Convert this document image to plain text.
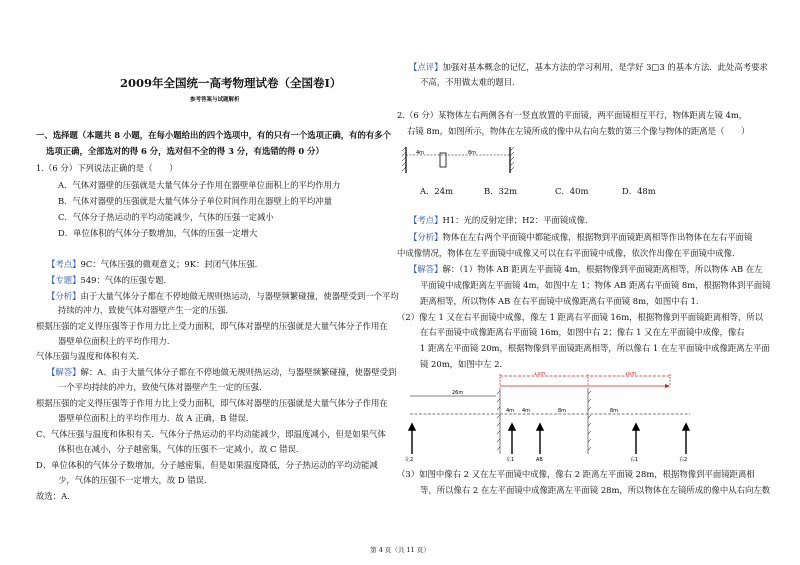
2009年全国统一高考物理试卷（全国卷Ⅰ）
参考答案与试题解析
一、选择题（本题共 8 小题，在每小题给出的四个选项中，有的只有一个选项正确，有的有多个
选项正确，全部选对的得 6 分，选对但不全的得 3 分，有选错的得 0 分）
1.（6 分）下列说法正确的是（　　）
A．气体对器壁的压强就是大量气体分子作用在器壁单位面积上的平均作用力
B．气体对器壁的压强就是大量气体分子单位时间作用在器壁上的平均冲量
C．气体分子热运动的平均动能减少，气体的压强一定减小
D．单位体积的气体分子数增加，气体的压强一定增大
【考点】9C：气体压强的微观意义；9K：封闭气体压强．
【专题】549：气体的压强专题．
【分析】由于大量气体分子都在不停地做无规则热运动，与器壁频繁碰撞，使器壁受到一个平均
持续的冲力，致使气体对器壁产生一定的压强．
根据压强的定义得压强等于作用力比上受力面积，即气体对器壁的压强就是大量气体分子作用在
器壁单位面积上的平均作用力．
气体压强与温度和体积有关．
【解答】解：A、由于大量气体分子都在不停地做无规则热运动，与器壁频繁碰撞，使器壁受到
一个平均持续的冲力，致使气体对器壁产生一定的压强．
根据压强的定义得压强等于作用力比上受力面积，即气体对器壁的压强就是大量气体分子作用在
器壁单位面积上的平均作用力．故 A 正确，B 错误．
C、气体压强与温度和体积有关．气体分子热运动的平均动能减少，即温度减小，但是如果气体
体积也在减小，分子越密集，气体的压强不一定减小，故 C 错误．
D、单位体积的气体分子数增加，分子越密集，但是如果温度降低，分子热运动的平均动能减
少，气体的压强不一定增大，故 D 错误．
故选：A．
【点评】加强对基本概念的记忆，基本方法的学习利用，是学好 3□3 的基本方法．此处高考要求
不高，不用做太难的题目．
2.（6 分）某物体左右两侧各有一竖直放置的平面镜，两平面镜相互平行，物体距离左镜 4m，
右镜 8m，如图所示，物体在左镜所成的像中从右向左数的第三个像与物体的距离是（　　）
4m	8m
A．24m	B．32m	C．40m	D．48m
【考点】H1：光的反射定律；H2：平面镜成像．
【分析】物体在左右两个平面镜中都能成像，根据物到平面镜距离相等作出物体在左右平面镜
中成像情况，物体在左平面镜中成像又可以在右平面镜中成像，依次作出像在平面镜中成像．
【解答】解：（1）物体 AB 距离左平面镜 4m，根据物像到平面镜距离相等，所以物体 AB 在左
平面镜中成像距离左平面镜 4m，如图中左 1；物体 AB 距离右平面镜 8m，根据物体到平面镜
距离相等，所以物体 AB 在右平面镜中成像距离右平面镜 8m，如图中右 1．
（2）像左 1 又在右平面镜中成像，像左 1 距离右平面镜 16m，根据物像到平面镜距离相等，所以
在右平面镜中成像距离右平面镜 16m，如图中右 2；像右 1 又在左平面镜中成像，像右
1 距离左平面镜 20m，根据物像到平面镜距离相等，所以像右 1 在左平面镜中成像距离左平面
镜 20m，如图中左 2．
15m	16m
26m
4m 4m	8m	8m
左2	左1	AB	右1	右2
（3）如图中像右 2 又在左平面镜中成像，像右 2 距离左平面镜 28m，根据物像到平面镜距离相
等，所以像右 2 在左平面镜中成像距离左平面镜 28m，所以物体在左镜所成的像中从右向左数
第 4 页（共 11 页）
